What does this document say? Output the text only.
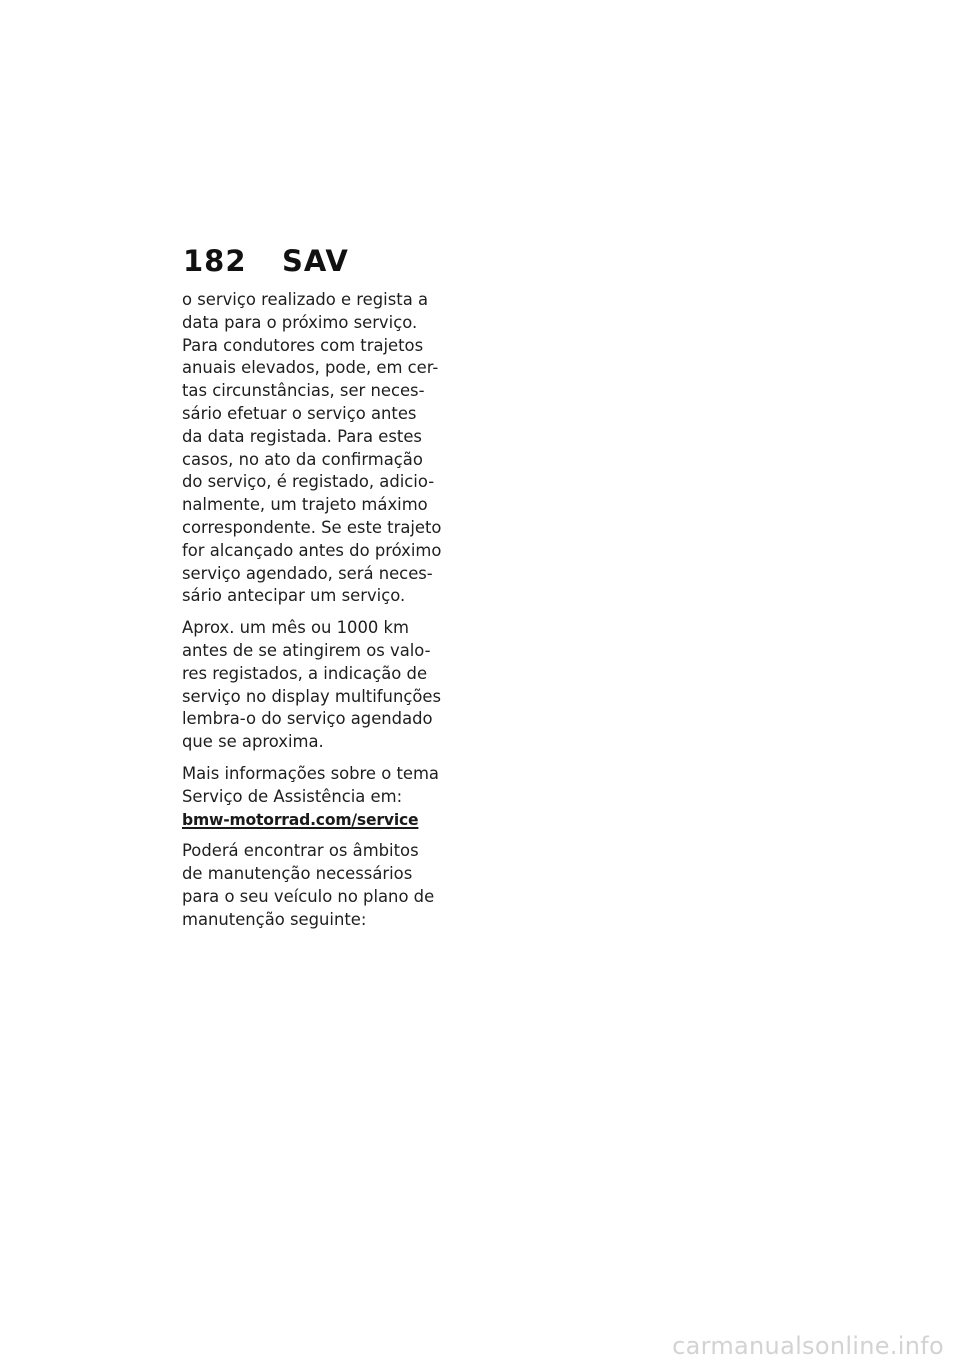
182 SAV
o serviço realizado e regista a
data para o próximo serviço.
Para condutores com trajetos
anuais elevados, pode, em cer-
tas circunstâncias, ser neces-
sário efetuar o serviço antes
da data registada. Para estes
casos, no ato da confirmação
do serviço, é registado, adicio-
nalmente, um trajeto máximo
correspondente. Se este trajeto
for alcançado antes do próximo
serviço agendado, será neces-
sário antecipar um serviço.
Aprox. um mês ou 1000 km
antes de se atingirem os valo-
res registados, a indicação de
serviço no display multifunções
lembra-o do serviço agendado
que se aproxima.
Mais informações sobre o tema
Serviço de Assistência em:
bmw-motorrad.com/service
Poderá encontrar os âmbitos
de manutenção necessários
para o seu veículo no plano de
manutenção seguinte:
carmanualsonline.info
